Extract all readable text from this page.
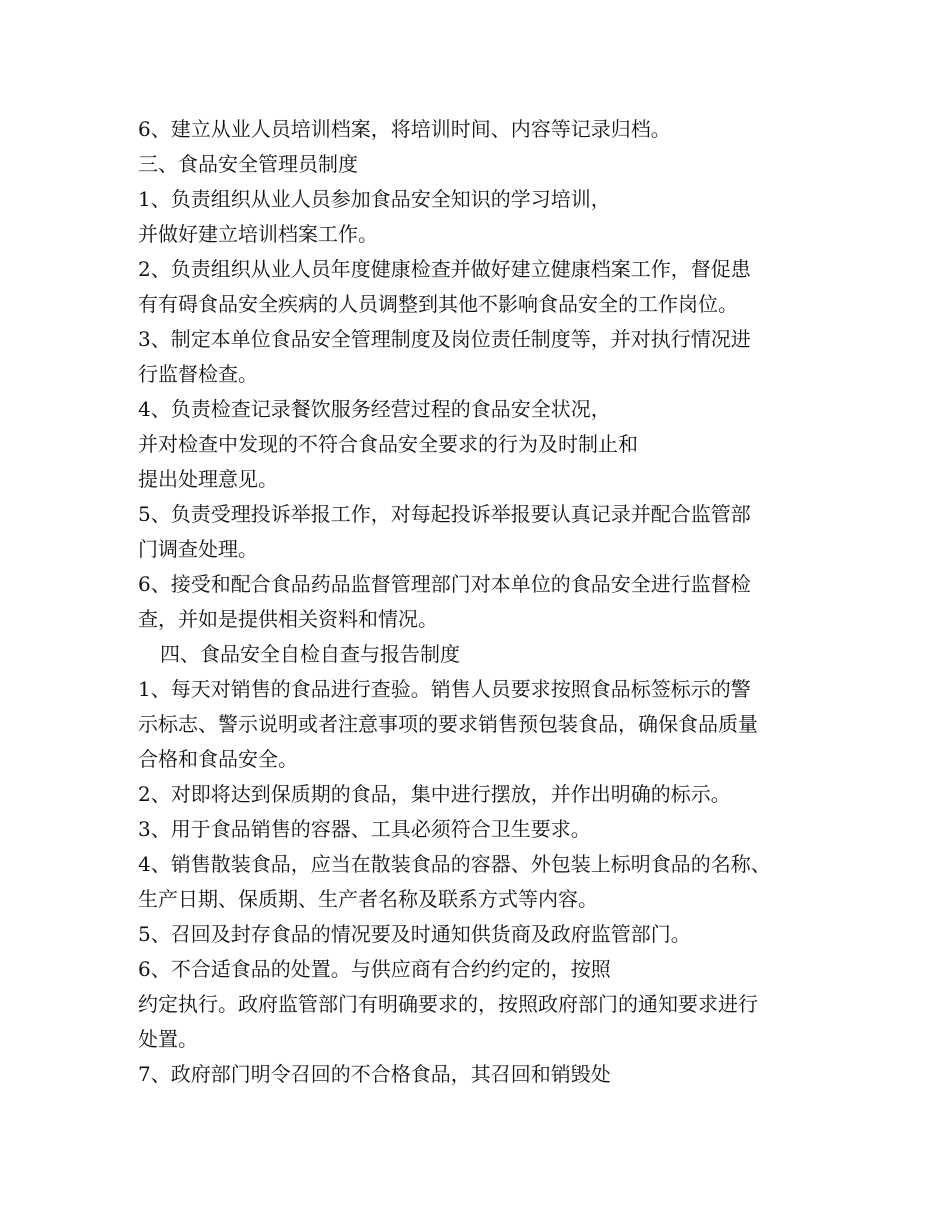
6、建立从业人员培训档案，将培训时间、内容等记录归档。

三、食品安全管理员制度

1、负责组织从业人员参加食品安全知识的学习培训，

并做好建立培训档案工作。

2、负责组织从业人员年度健康检查并做好建立健康档案工作，督促患

有有碍食品安全疾病的人员调整到其他不影响食品安全的工作岗位。

3、制定本单位食品安全管理制度及岗位责任制度等，并对执行情况进

行监督检查。

4、负责检查记录餐饮服务经营过程的食品安全状况，

并对检查中发现的不符合食品安全要求的行为及时制止和

提出处理意见。

5、负责受理投诉举报工作，对每起投诉举报要认真记录并配合监管部

门调查处理。

6、接受和配合食品药品监督管理部门对本单位的食品安全进行监督检

查，并如是提供相关资料和情况。

四、食品安全自检自查与报告制度

1、每天对销售的食品进行查验。销售人员要求按照食品标签标示的警

示标志、警示说明或者注意事项的要求销售预包装食品，确保食品质量

合格和食品安全。

2、对即将达到保质期的食品，集中进行摆放，并作出明确的标示。

3、用于食品销售的容器、工具必须符合卫生要求。

4、销售散装食品，应当在散装食品的容器、外包装上标明食品的名称、

生产日期、保质期、生产者名称及联系方式等内容。

5、召回及封存食品的情况要及时通知供货商及政府监管部门。

6、不合适食品的处置。与供应商有合约约定的，按照

约定执行。政府监管部门有明确要求的，按照政府部门的通知要求进行

处置。

7、政府部门明令召回的不合格食品，其召回和销毁处
